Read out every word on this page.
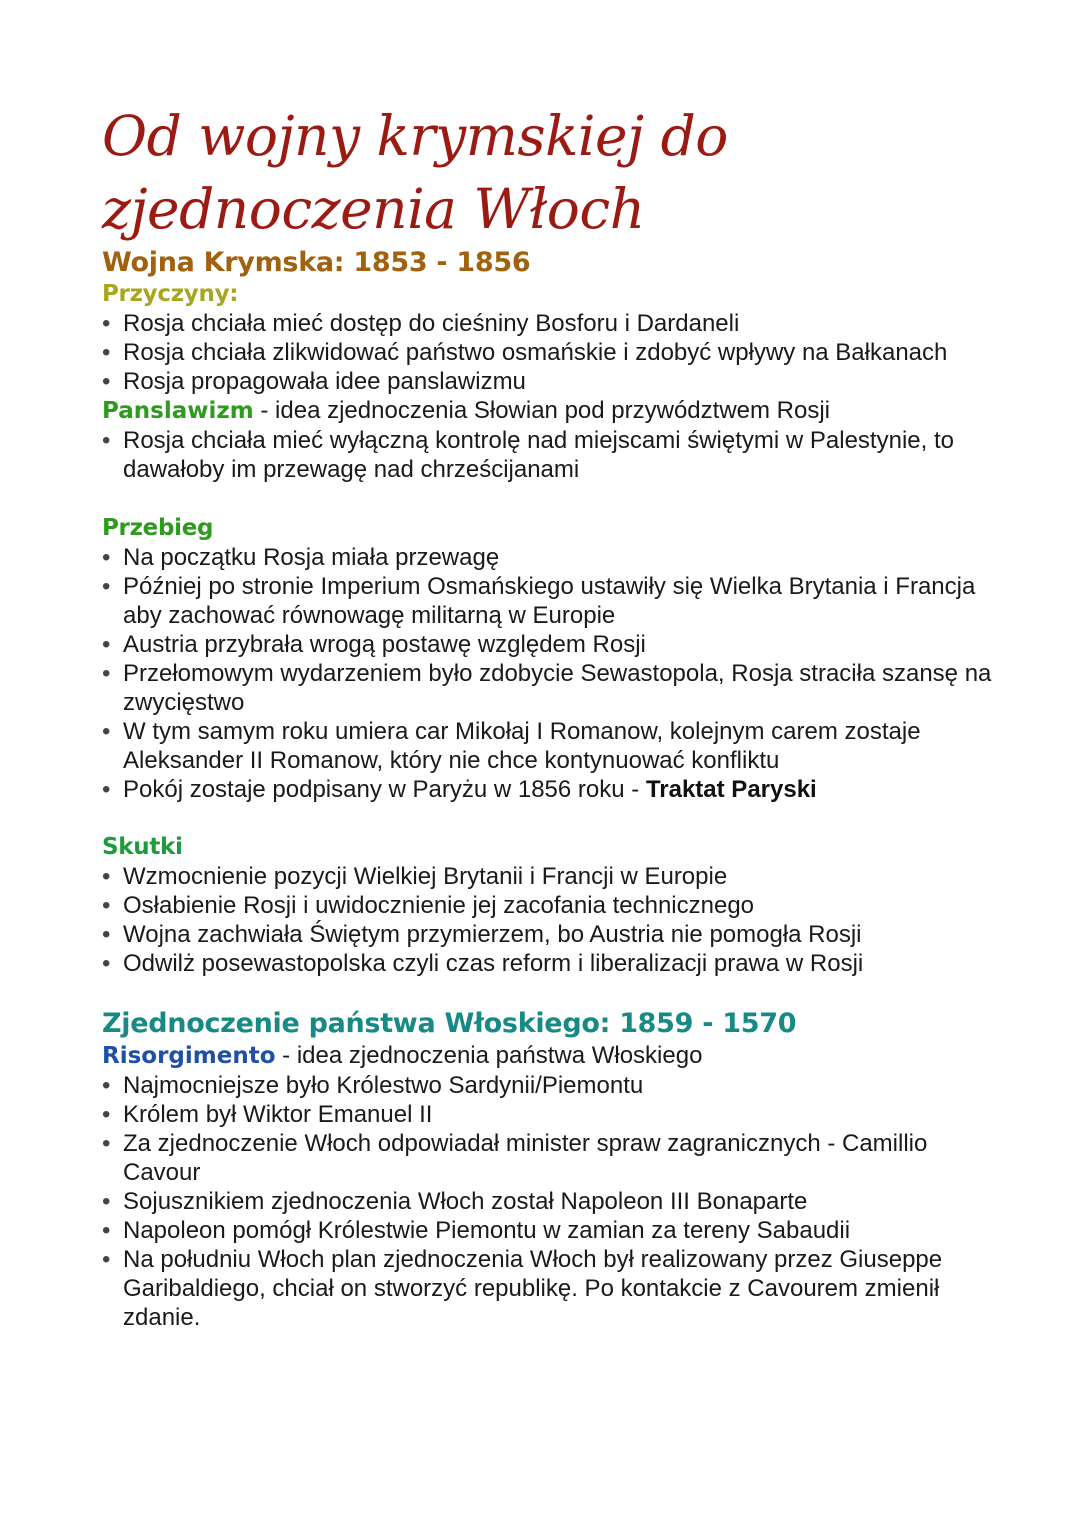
Od wojny krymskiej do
zjednoczenia Włoch
Wojna Krymska: 1853 - 1856
Przyczyny:
• Rosja chciała mieć dostęp do cieśniny Bosforu i Dardaneli
• Rosja chciała zlikwidować państwo osmańskie i zdobyć wpływy na Bałkanach
• Rosja propagowała idee panslawizmu
Panslawizm - idea zjednoczenia Słowian pod przywództwem Rosji
• Rosja chciała mieć wyłączną kontrolę nad miejscami świętymi w Palestynie, to dawałoby im przewagę nad chrześcijanami
Przebieg
• Na początku Rosja miała przewagę
• Później po stronie Imperium Osmańskiego ustawiły się Wielka Brytania i Francja aby zachować równowagę militarną w Europie
• Austria przybrała wrogą postawę względem Rosji
• Przełomowym wydarzeniem było zdobycie Sewastopola, Rosja straciła szansę na zwycięstwo
• W tym samym roku umiera car Mikołaj I Romanow, kolejnym carem zostaje Aleksander II Romanow, który nie chce kontynuować konfliktu
• Pokój zostaje podpisany w Paryżu w 1856 roku - Traktat Paryski
Skutki
• Wzmocnienie pozycji Wielkiej Brytanii i Francji w Europie
• Osłabienie Rosji i uwidocznienie jej zacofania technicznego
• Wojna zachwiała Świętym przymierzem, bo Austria nie pomogła Rosji
• Odwilż posewastopolska czyli czas reform i liberalizacji prawa w Rosji
Zjednoczenie państwa Włoskiego: 1859 - 1570
Risorgimento - idea zjednoczenia państwa Włoskiego
• Najmocniejsze było Królestwo Sardynii/Piemontu
• Królem był Wiktor Emanuel II
• Za zjednoczenie Włoch odpowiadał minister spraw zagranicznych - Camillio Cavour
• Sojusznikiem zjednoczenia Włoch został Napoleon III Bonaparte
• Napoleon pomógł Królestwie Piemontu w zamian za tereny Sabaudii
• Na południu Włoch plan zjednoczenia Włoch był realizowany przez Giuseppe Garibaldiego, chciał on stworzyć republikę. Po kontakcie z Cavourem zmienił zdanie.
